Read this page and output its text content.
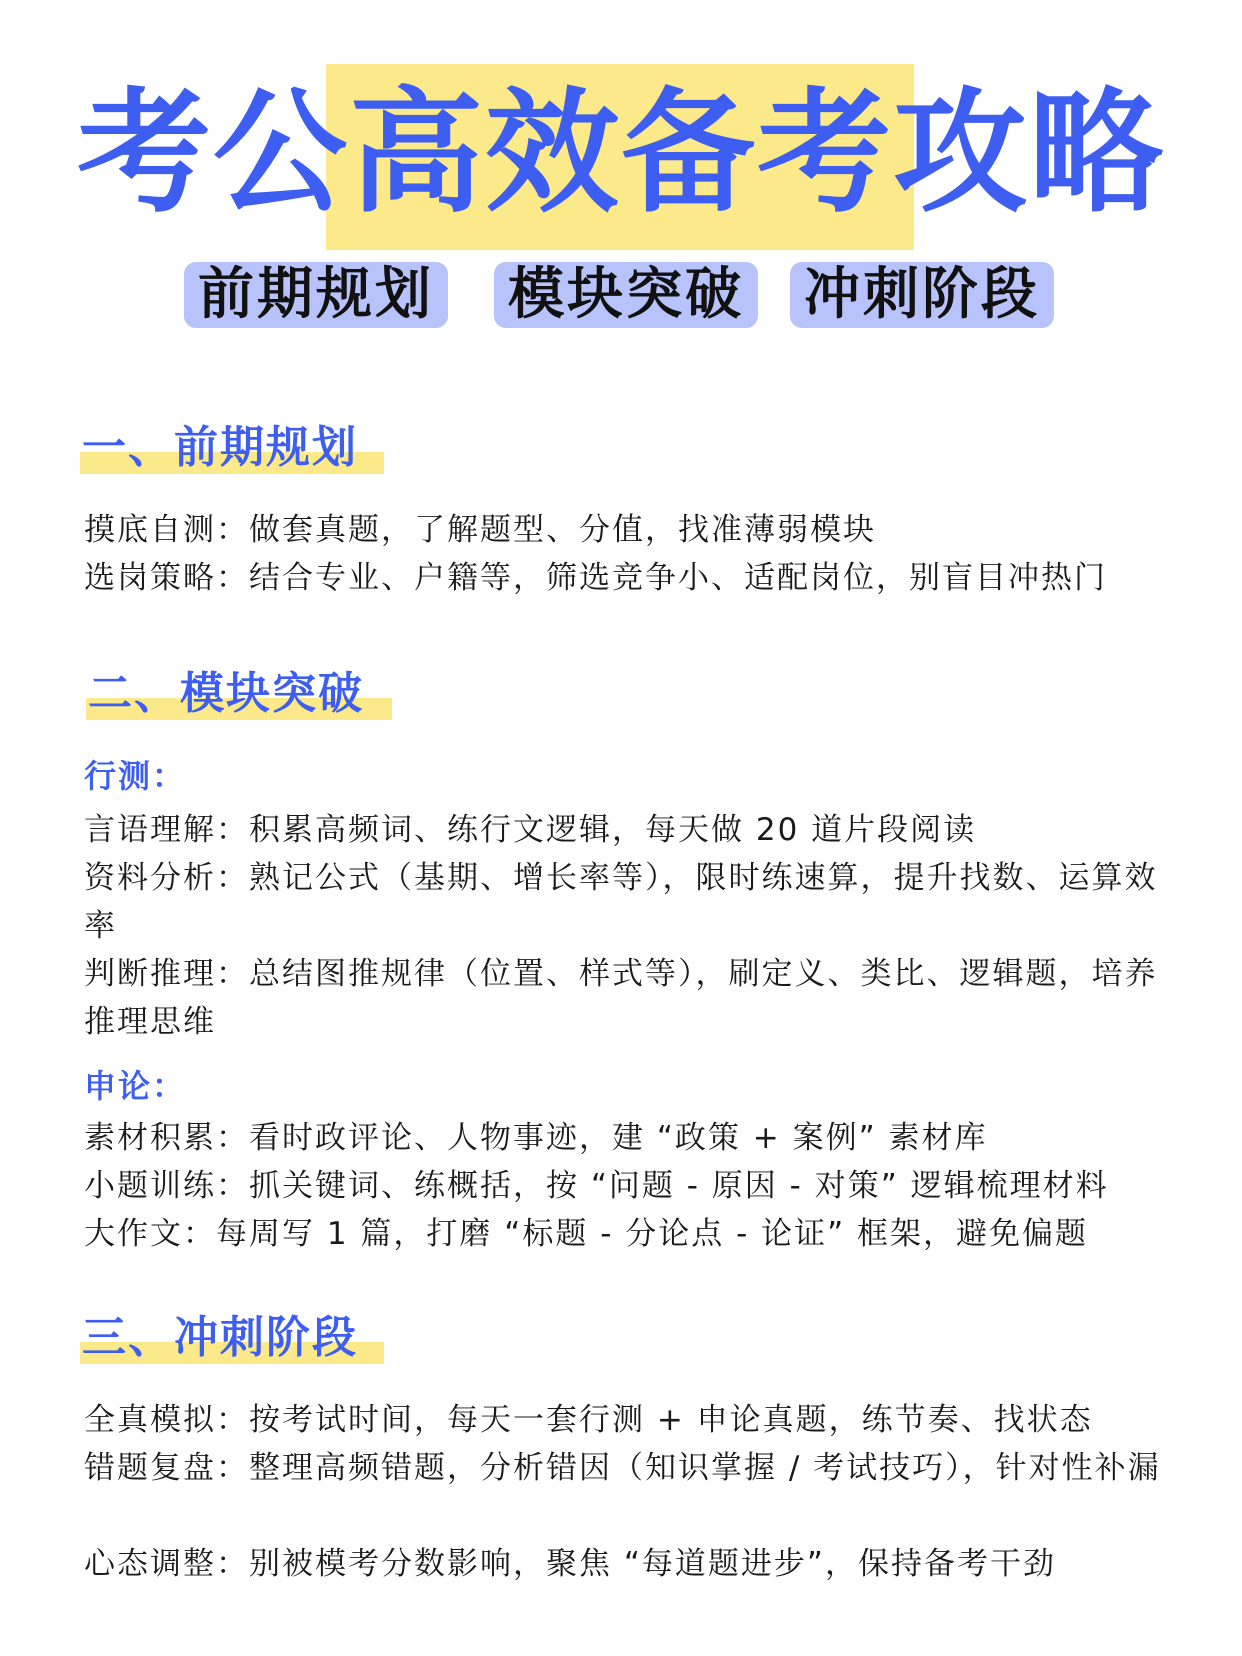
考公高效备考攻略
前期规划 模块突破 冲刺阶段
一、前期规划
摸底自测：做套真题，了解题型、分值，找准薄弱模块
选岗策略：结合专业、户籍等，筛选竞争小、适配岗位，别盲目冲热门
二、模块突破
行测：
言语理解：积累高频词、练行文逻辑，每天做 20 道片段阅读
资料分析：熟记公式（基期、增长率等），限时练速算，提升找数、运算效率
判断推理：总结图推规律（位置、样式等），刷定义、类比、逻辑题，培养推理思维
申论：
素材积累：看时政评论、人物事迹，建 “政策 + 案例” 素材库
小题训练：抓关键词、练概括，按 “问题 - 原因 - 对策” 逻辑梳理材料
大作文：每周写 1 篇，打磨 “标题 - 分论点 - 论证” 框架，避免偏题
三、冲刺阶段
全真模拟：按考试时间，每天一套行测 + 申论真题，练节奏、找状态
错题复盘：整理高频错题，分析错因（知识掌握 / 考试技巧），针对性补漏
心态调整：别被模考分数影响，聚焦 “每道题进步”，保持备考干劲
